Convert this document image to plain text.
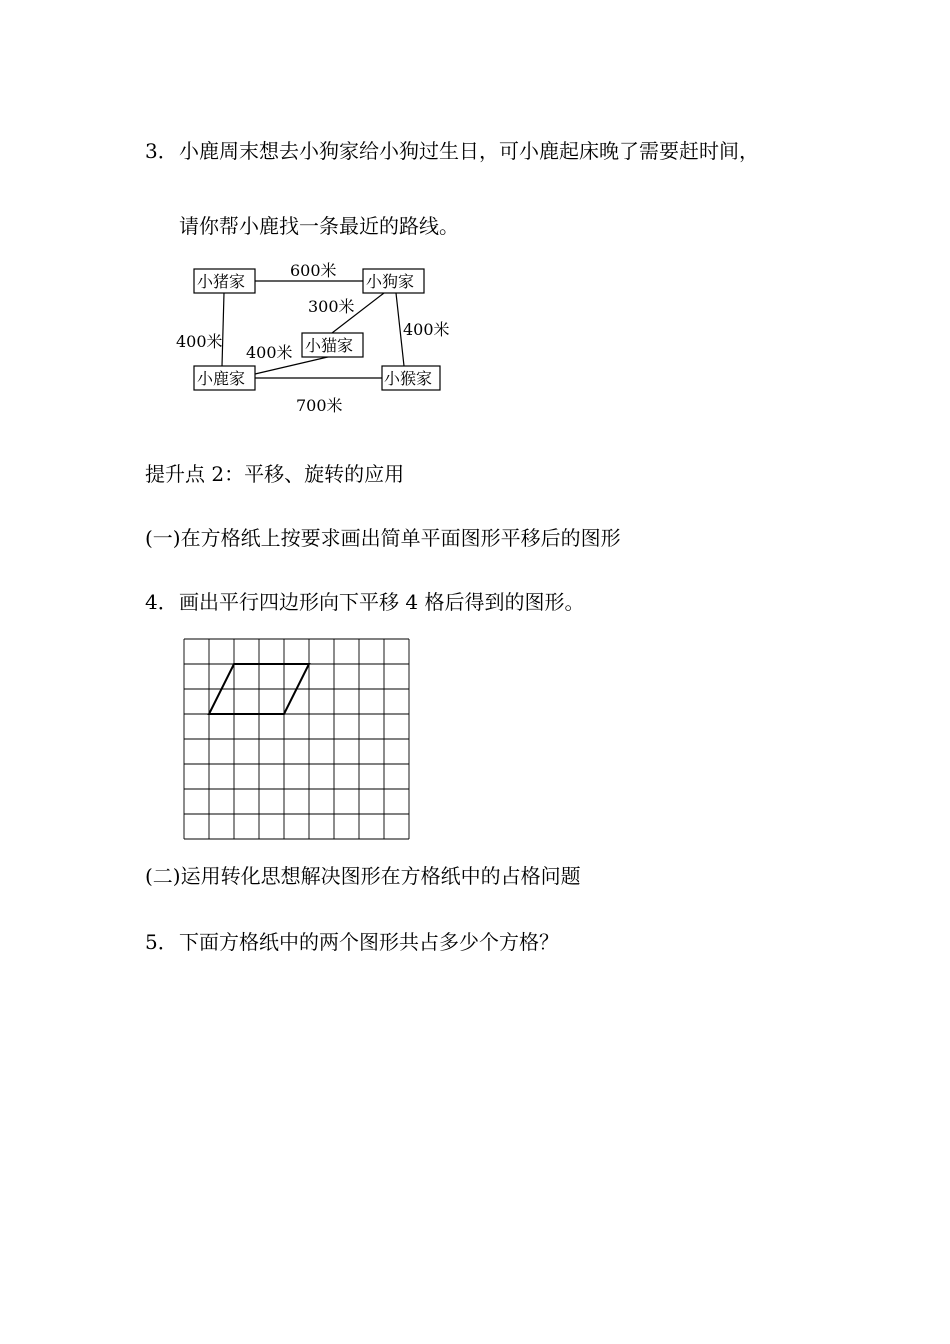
3．小鹿周末想去小狗家给小狗过生日，可小鹿起床晚了需要赶时间，

请你帮小鹿找一条最近的路线。

600米
300米
400米
400米
400米
700米
小猪家	小狗家
小猫家
小鹿家	小猴家

提升点 2：平移、旋转的应用

(一)在方格纸上按要求画出简单平面图形平移后的图形

4．画出平行四边形向下平移 4 格后得到的图形。

(二)运用转化思想解决图形在方格纸中的占格问题

5．下面方格纸中的两个图形共占多少个方格？
